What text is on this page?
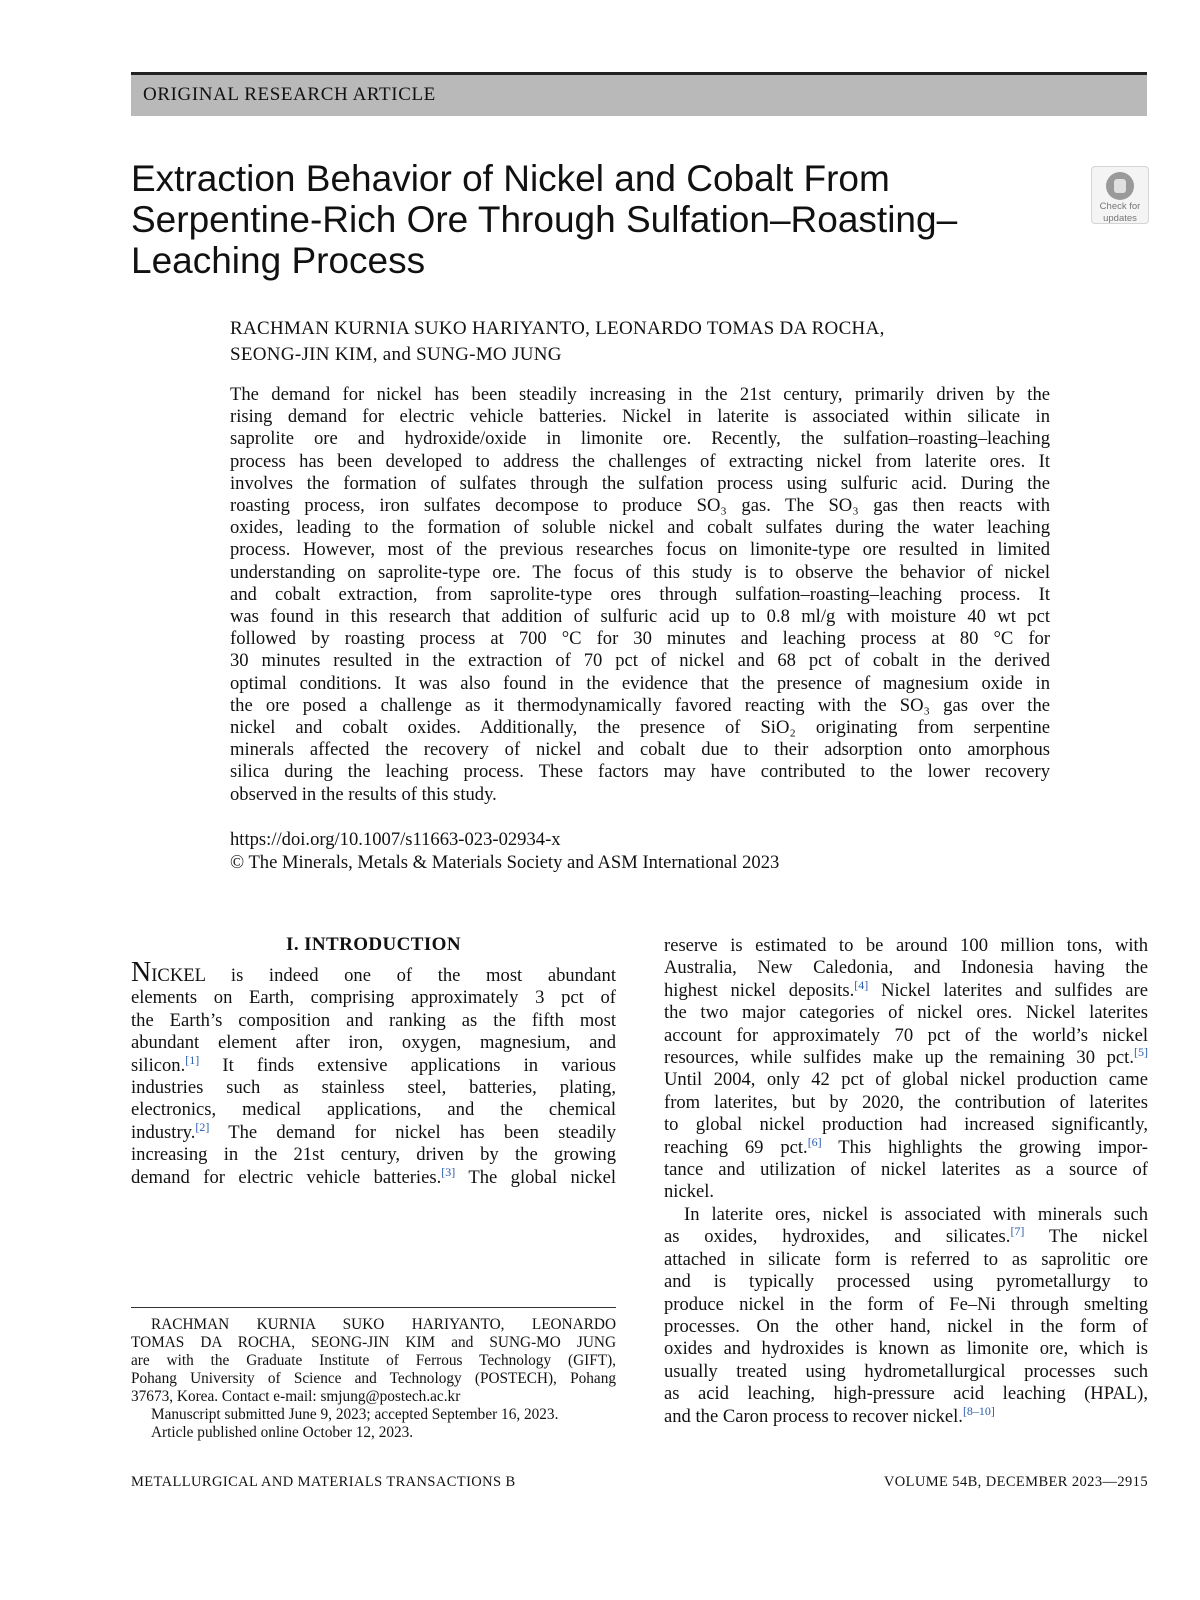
ORIGINAL RESEARCH ARTICLE
Extraction Behavior of Nickel and Cobalt From
Serpentine-Rich Ore Through Sulfation–Roasting–
Leaching Process
Check for
updates
RACHMAN KURNIA SUKO HARIYANTO, LEONARDO TOMAS DA ROCHA,
SEONG-JIN KIM, and SUNG-MO JUNG
The demand for nickel has been steadily increasing in the 21st century, primarily driven by the
rising demand for electric vehicle batteries. Nickel in laterite is associated within silicate in
saprolite ore and hydroxide/oxide in limonite ore. Recently, the sulfation–roasting–leaching
process has been developed to address the challenges of extracting nickel from laterite ores. It
involves the formation of sulfates through the sulfation process using sulfuric acid. During the
roasting process, iron sulfates decompose to produce SO₃ gas. The SO₃ gas then reacts with
oxides, leading to the formation of soluble nickel and cobalt sulfates during the water leaching
process. However, most of the previous researches focus on limonite-type ore resulted in limited
understanding on saprolite-type ore. The focus of this study is to observe the behavior of nickel
and cobalt extraction, from saprolite-type ores through sulfation–roasting–leaching process. It
was found in this research that addition of sulfuric acid up to 0.8 ml/g with moisture 40 wt pct
followed by roasting process at 700 °C for 30 minutes and leaching process at 80 °C for
30 minutes resulted in the extraction of 70 pct of nickel and 68 pct of cobalt in the derived
optimal conditions. It was also found in the evidence that the presence of magnesium oxide in
the ore posed a challenge as it thermodynamically favored reacting with the SO₃ gas over the
nickel and cobalt oxides. Additionally, the presence of SiO₂ originating from serpentine
minerals affected the recovery of nickel and cobalt due to their adsorption onto amorphous
silica during the leaching process. These factors may have contributed to the lower recovery
observed in the results of this study.
https://doi.org/10.1007/s11663-023-02934-x
© The Minerals, Metals & Materials Society and ASM International 2023
I. INTRODUCTION
NICKEL is indeed one of the most abundant
elements on Earth, comprising approximately 3 pct of
the Earth’s composition and ranking as the fifth most
abundant element after iron, oxygen, magnesium, and
silicon.[1] It finds extensive applications in various
industries such as stainless steel, batteries, plating,
electronics, medical applications, and the chemical
industry.[2] The demand for nickel has been steadily
increasing in the 21st century, driven by the growing
demand for electric vehicle batteries.[3] The global nickel
reserve is estimated to be around 100 million tons, with
Australia, New Caledonia, and Indonesia having the
highest nickel deposits.[4] Nickel laterites and sulfides are
the two major categories of nickel ores. Nickel laterites
account for approximately 70 pct of the world’s nickel
resources, while sulfides make up the remaining 30 pct.[5]
Until 2004, only 42 pct of global nickel production came
from laterites, but by 2020, the contribution of laterites
to global nickel production had increased significantly,
reaching 69 pct.[6] This highlights the growing impor-
tance and utilization of nickel laterites as a source of
nickel.
In laterite ores, nickel is associated with minerals such
as oxides, hydroxides, and silicates.[7] The nickel
attached in silicate form is referred to as saprolitic ore
and is typically processed using pyrometallurgy to
produce nickel in the form of Fe–Ni through smelting
processes. On the other hand, nickel in the form of
oxides and hydroxides is known as limonite ore, which is
usually treated using hydrometallurgical processes such
as acid leaching, high-pressure acid leaching (HPAL),
and the Caron process to recover nickel.[8–10]
RACHMAN KURNIA SUKO HARIYANTO, LEONARDO
TOMAS DA ROCHA, SEONG-JIN KIM and SUNG-MO JUNG
are with the Graduate Institute of Ferrous Technology (GIFT),
Pohang University of Science and Technology (POSTECH), Pohang
37673, Korea. Contact e-mail: smjung@postech.ac.kr
Manuscript submitted June 9, 2023; accepted September 16, 2023.
Article published online October 12, 2023.
METALLURGICAL AND MATERIALS TRANSACTIONS B	VOLUME 54B, DECEMBER 2023—2915
